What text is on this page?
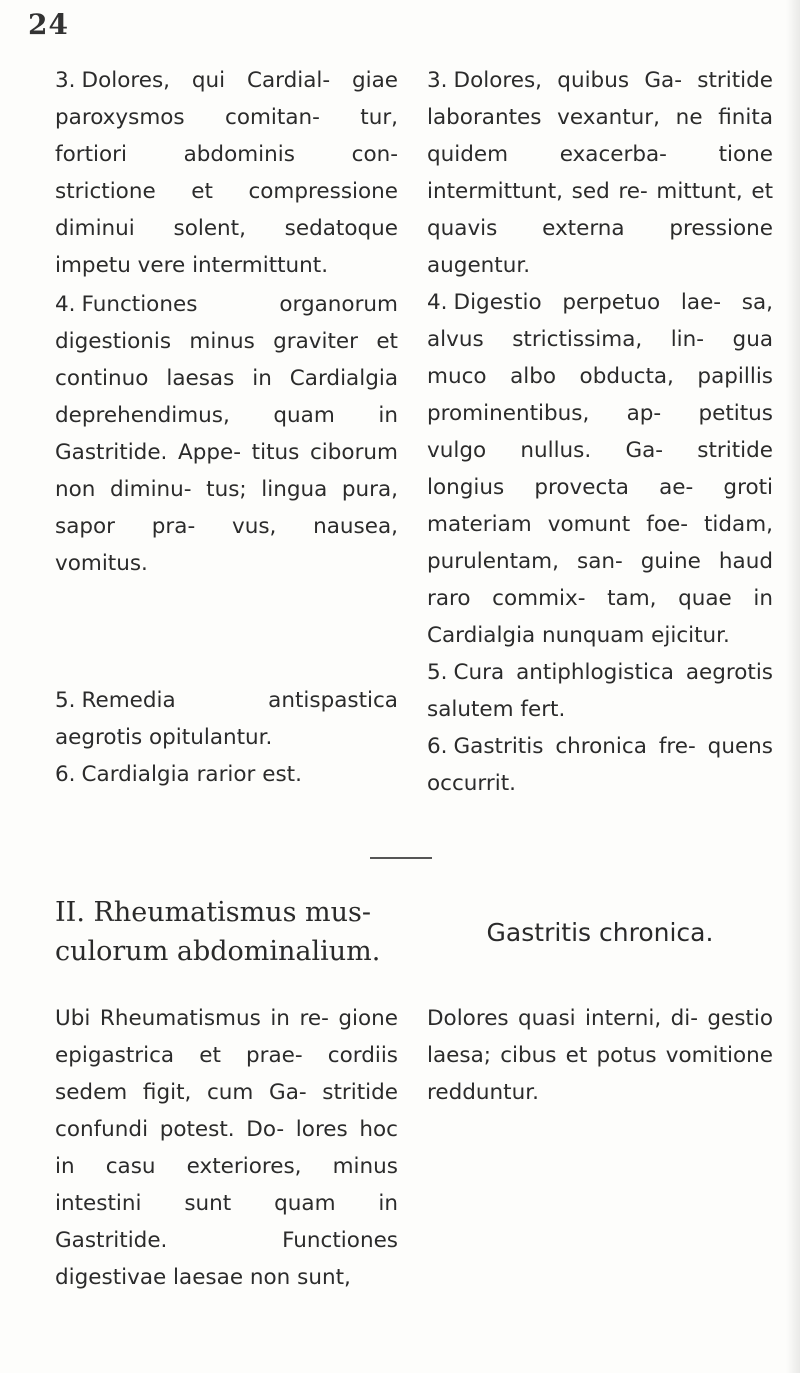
24

3. Dolores, qui Cardial- giae paroxysmos comitan- tur, fortiori abdominis con- strictione et compressione diminui solent, sedatoque impetu vere intermittunt.

4. Functiones organorum digestionis minus graviter et continuo laesas in Cardialgia deprehendimus, quam in Gastritide. Appe- titus ciborum non diminu- tus; lingua pura, sapor pra- vus, nausea, vomitus.

5. Remedia antispastica aegrotis opitulantur.

6. Cardialgia rarior est.

3. Dolores, quibus Ga- stritide laborantes vexantur, ne finita quidem exacerba- tione intermittunt, sed re- mittunt, et quavis externa pressione augentur.

4. Digestio perpetuo lae- sa, alvus strictissima, lin- gua muco albo obducta, papillis prominentibus, ap- petitus vulgo nullus. Ga- stritide longius provecta ae- groti materiam vomunt foe- tidam, purulentam, san- guine haud raro commix- tam, quae in Cardialgia nunquam ejicitur.

5. Cura antiphlogistica aegrotis salutem fert.

6. Gastritis chronica fre- quens occurrit.

II. Rheumatismus mus- culorum abdominalium.
Gastritis chronica.

Ubi Rheumatismus in re- gione epigastrica et prae- cordiis sedem figit, cum Ga- stritide confundi potest. Do- lores hoc in casu exteriores, minus intestini sunt quam in Gastritide. Functiones digestivae laesae non sunt,

Dolores quasi interni, di- gestio laesa; cibus et potus vomitione redduntur.
